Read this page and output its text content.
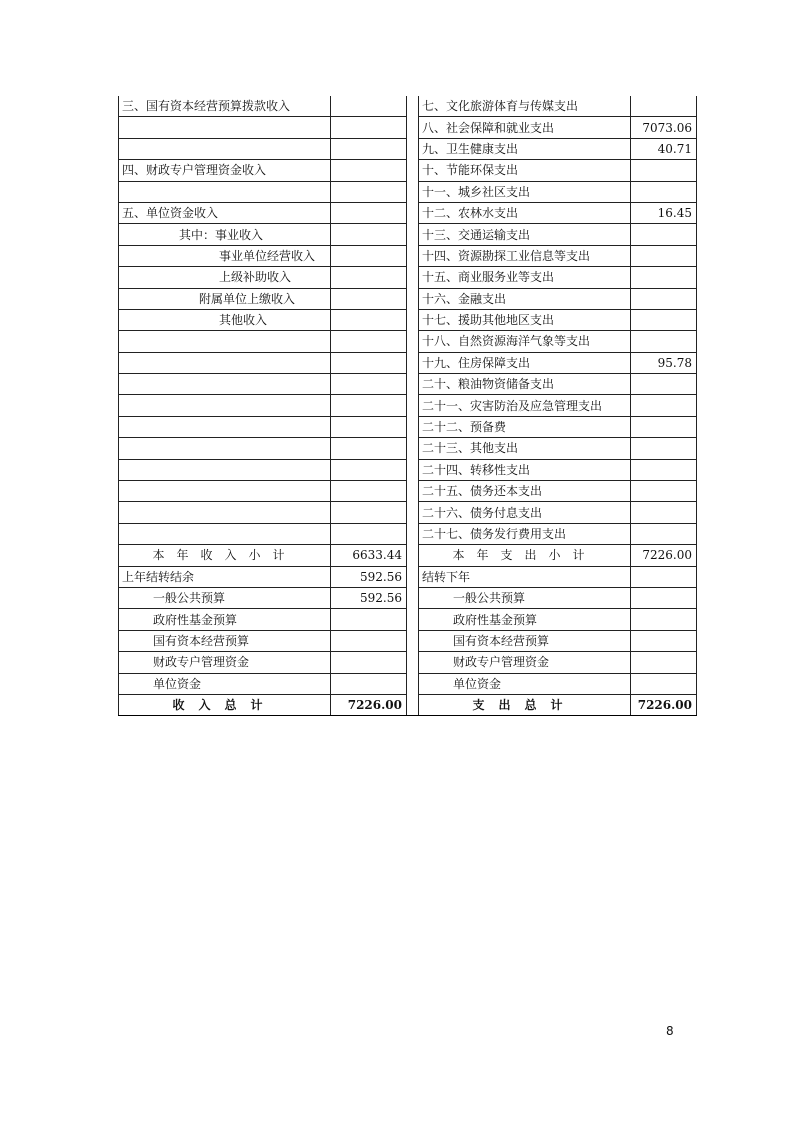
三、国有资本经营预算拨款收入			七、文化旅游体育与传媒支出	
			八、社会保障和就业支出	7073.06
			九、卫生健康支出	40.71
四、财政专户管理资金收入			十、节能环保支出	
			十一、城乡社区支出	
五、单位资金收入			十二、农林水支出	16.45
其中：事业收入			十三、交通运输支出	
事业单位经营收入			十四、资源勘探工业信息等支出	
上级补助收入			十五、商业服务业等支出	
附属单位上缴收入			十六、金融支出	
其他收入			十七、援助其他地区支出	
			十八、自然资源海洋气象等支出	
			十九、住房保障支出	95.78
			二十、粮油物资储备支出	
			二十一、灾害防治及应急管理支出	
			二十二、预备费	
			二十三、其他支出	
			二十四、转移性支出	
			二十五、债务还本支出	
			二十六、债务付息支出	
			二十七、债务发行费用支出	
本年收入小计	6633.44		本年支出小计	7226.00
上年结转结余	592.56		结转下年	
一般公共预算	592.56		一般公共预算	
政府性基金预算			政府性基金预算	
国有资本经营预算			国有资本经营预算	
财政专户管理资金			财政专户管理资金	
单位资金			单位资金	
收入总计	7226.00		支出总计	7226.00
8
